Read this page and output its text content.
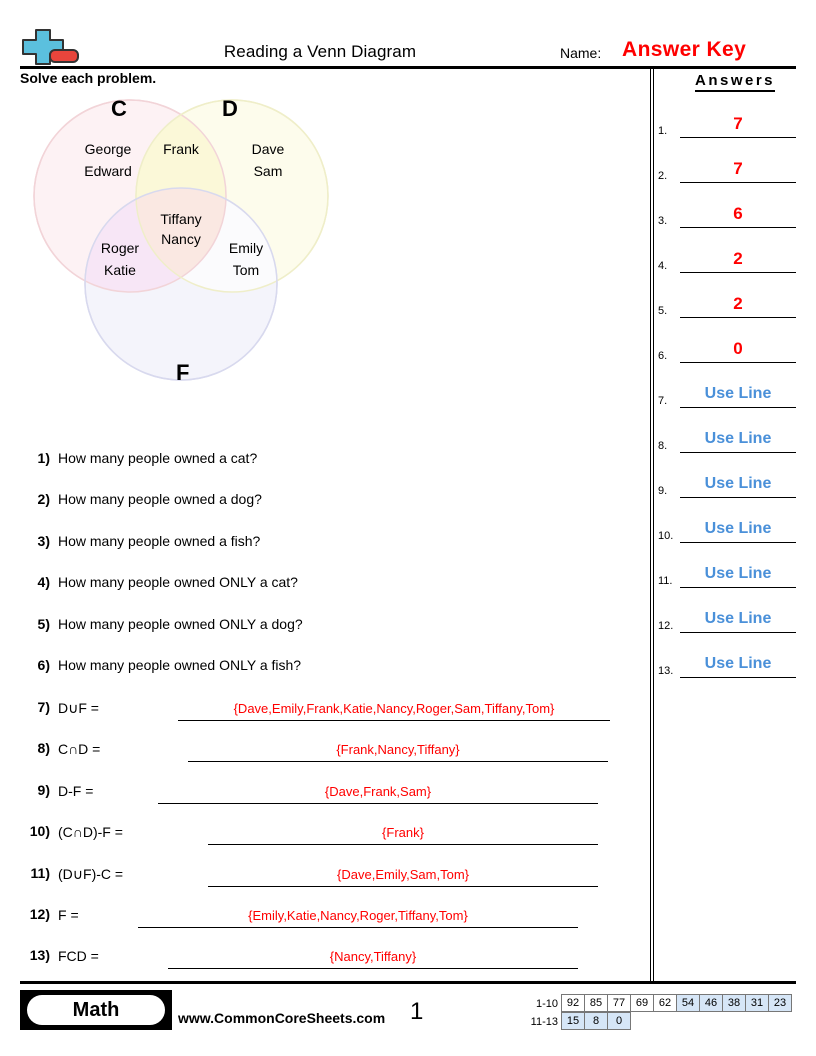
Reading a Venn Diagram	Name: Answer Key
Solve each problem.	Answers
1.	7
2.	7
3.	6
4.	2
5.	2
6.	0
7.	Use Line
8.	Use Line
9.	Use Line
10.	Use Line
11.	Use Line
12.	Use Line
13.	Use Line
C	D
F
George
Edward
Frank	Dave
Sam
Tiffany
Nancy
Roger
Katie
Emily
Tom
1) How many people owned a cat?
2) How many people owned a dog?
3) How many people owned a fish?
4) How many people owned ONLY a cat?
5) How many people owned ONLY a dog?
6) How many people owned ONLY a fish?
7) D∪F =	{Dave,Emily,Frank,Katie,Nancy,Roger,Sam,Tiffany,Tom}
8) C∩D =	{Frank,Nancy,Tiffany}
9) D-F =	{Dave,Frank,Sam}
10) (C∩D)-F =	{Frank}
11) (D∪F)-C =	{Dave,Emily,Sam,Tom}
12) F =	{Emily,Katie,Nancy,Roger,Tiffany,Tom}
13) FCD =	{Nancy,Tiffany}
Math	www.CommonCoreSheets.com 1	1-10 92 85 77 69 62 54 46 38 31 23
11-13 15	8	0
